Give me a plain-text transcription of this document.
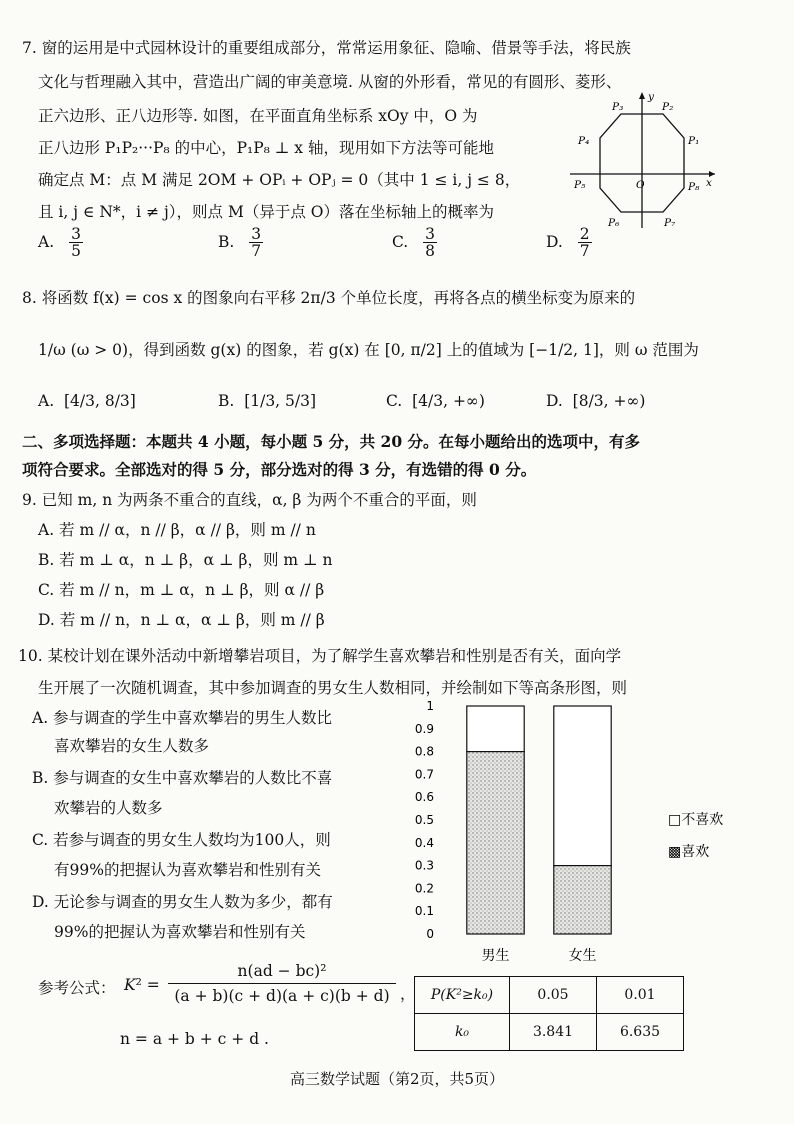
7. 窗的运用是中式园林设计的重要组成部分，常常运用象征、隐喻、借景等手法，将民族
文化与哲理融入其中，营造出广阔的审美意境. 从窗的外形看，常见的有圆形、菱形、
正六边形、正八边形等. 如图，在平面直角坐标系 xOy 中，O 为
正八边形 P₁P₂···P₈ 的中心，P₁P₈ ⊥ x 轴，现用如下方法等可能地
确定点 M：点 M 满足 2OM + OPᵢ + OPⱼ = 0（其中 1 ≤ i, j ≤ 8，
且 i, j ∈ N*，i ≠ j），则点 M（异于点 O）落在坐标轴上的概率为
A. $\frac{3}{5}$	B. $\frac{3}{7}$	C. $\frac{3}{8}$	D. $\frac{2}{7}$
P₁
P₂
P₃
P₄
P₅
P₆	P₇
P₈ x
y
O
8. 将函数 f(x) = cos x 的图象向右平移 2π/3 个单位长度，再将各点的横坐标变为原来的
1/ω (ω > 0)，得到函数 g(x) 的图象，若 g(x) 在 [0, π/2] 上的值域为 [−1/2, 1]，则 ω 范围为
A. [4/3, 8/3]	B. [1/3, 5/3]	C. [4/3, +∞)	D. [8/3, +∞)
二、多项选择题：本题共 4 小题，每小题 5 分，共 20 分。在每小题给出的选项中，有多
项符合要求。全部选对的得 5 分，部分选对的得 3 分，有选错的得 0 分。
9. 已知 m, n 为两条不重合的直线，α, β 为两个不重合的平面，则
A. 若 m // α，n // β，α // β，则 m // n
B. 若 m ⊥ α，n ⊥ β，α ⊥ β，则 m ⊥ n
C. 若 m // n，m ⊥ α，n ⊥ β，则 α // β
D. 若 m // n，n ⊥ α，α ⊥ β，则 m // β
10. 某校计划在课外活动中新增攀岩项目，为了解学生喜欢攀岩和性别是否有关，面向学
生开展了一次随机调查，其中参加调查的男女生人数相同，并绘制如下等高条形图，则
A. 参与调查的学生中喜欢攀岩的男生人数比
喜欢攀岩的女生人数多
B. 参与调查的女生中喜欢攀岩的人数比不喜
欢攀岩的人数多
C. 若参与调查的男女生人数均为100人，则
有99%的把握认为喜欢攀岩和性别有关
D. 无论参与调查的男女生人数为多少，都有
99%的把握认为喜欢攀岩和性别有关	0
0.1
0.2
0.3
0.4
0.5
0.6
0.7
0.8
0.9
1
男生	女生
□不喜欢
▩喜欢
参考公式： $K^2 = \frac{\text{n(ad − bc)²}}{(a + b)(c + d)(a + c)(b + d)}$ ，
n = a + b + c + d .
P(K²≥k₀)	0.05	0.01
k₀	3.841	6.635
高三数学试题（第2页，共5页）
